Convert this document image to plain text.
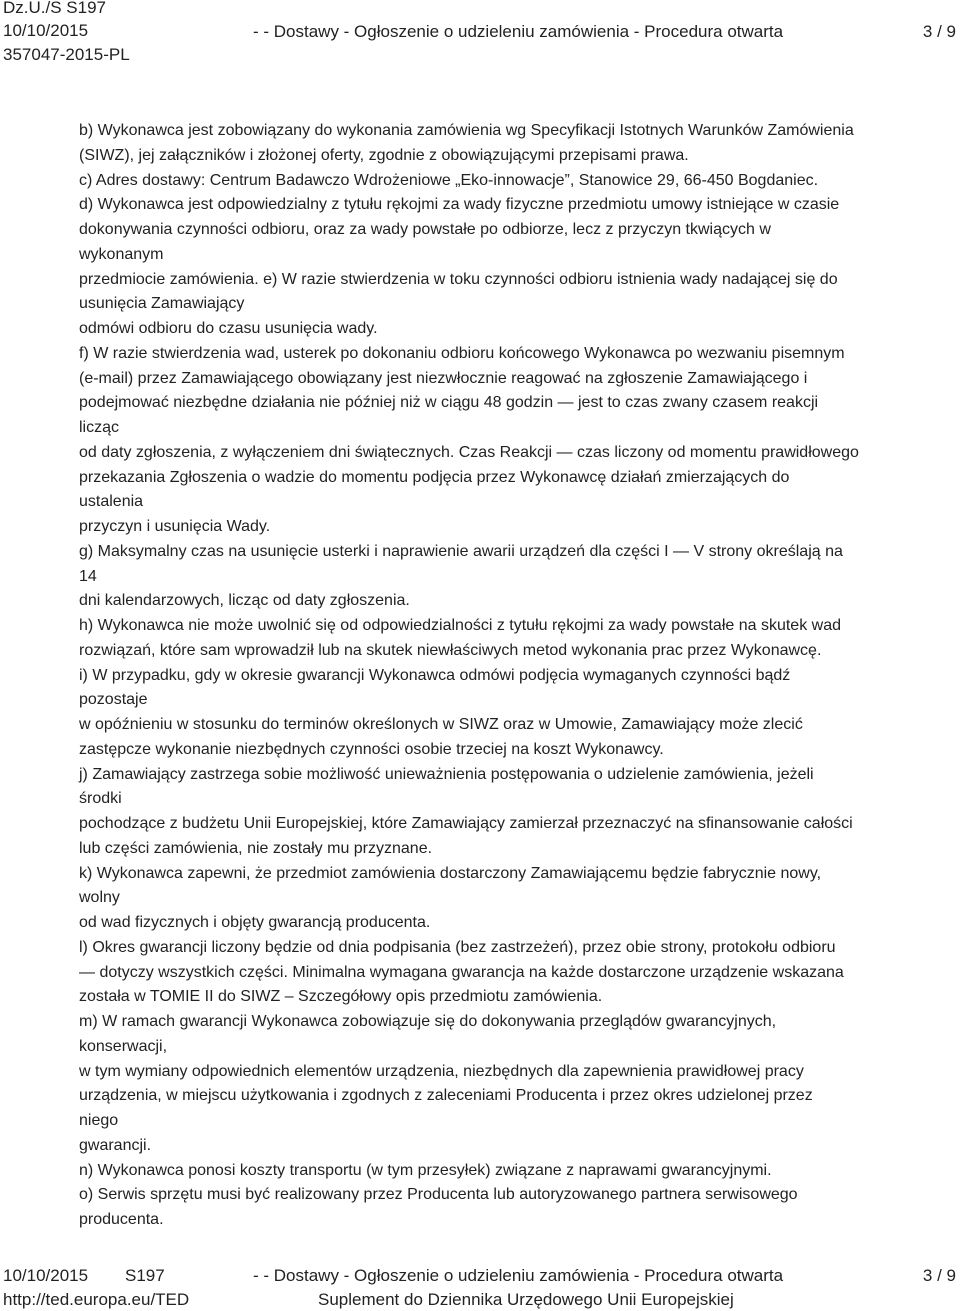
Dz.U./S S197
10/10/2015
357047-2015-PL
- - Dostawy - Ogłoszenie o udzieleniu zamówienia - Procedura otwarta	3 / 9
b) Wykonawca jest zobowiązany do wykonania zamówienia wg Specyfikacji Istotnych Warunków Zamówienia
(SIWZ), jej załączników i złożonej oferty, zgodnie z obowiązującymi przepisami prawa.
c) Adres dostawy: Centrum Badawczo Wdrożeniowe „Eko-innowacje”, Stanowice 29, 66-450 Bogdaniec.
d) Wykonawca jest odpowiedzialny z tytułu rękojmi za wady fizyczne przedmiotu umowy istniejące w czasie
dokonywania czynności odbioru, oraz za wady powstałe po odbiorze, lecz z przyczyn tkwiących w
wykonanym
przedmiocie zamówienia. e) W razie stwierdzenia w toku czynności odbioru istnienia wady nadającej się do
usunięcia Zamawiający
odmówi odbioru do czasu usunięcia wady.
f) W razie stwierdzenia wad, usterek po dokonaniu odbioru końcowego Wykonawca po wezwaniu pisemnym
(e-mail) przez Zamawiającego obowiązany jest niezwłocznie reagować na zgłoszenie Zamawiającego i
podejmować niezbędne działania nie później niż w ciągu 48 godzin — jest to czas zwany czasem reakcji
licząc
od daty zgłoszenia, z wyłączeniem dni świątecznych. Czas Reakcji — czas liczony od momentu prawidłowego
przekazania Zgłoszenia o wadzie do momentu podjęcia przez Wykonawcę działań zmierzających do
ustalenia
przyczyn i usunięcia Wady.
g) Maksymalny czas na usunięcie usterki i naprawienie awarii urządzeń dla części I — V strony określają na
14
dni kalendarzowych, licząc od daty zgłoszenia.
h) Wykonawca nie może uwolnić się od odpowiedzialności z tytułu rękojmi za wady powstałe na skutek wad
rozwiązań, które sam wprowadził lub na skutek niewłaściwych metod wykonania prac przez Wykonawcę.
i) W przypadku, gdy w okresie gwarancji Wykonawca odmówi podjęcia wymaganych czynności bądź
pozostaje
w opóźnieniu w stosunku do terminów określonych w SIWZ oraz w Umowie, Zamawiający może zlecić
zastępcze wykonanie niezbędnych czynności osobie trzeciej na koszt Wykonawcy.
j) Zamawiający zastrzega sobie możliwość unieważnienia postępowania o udzielenie zamówienia, jeżeli
środki
pochodzące z budżetu Unii Europejskiej, które Zamawiający zamierzał przeznaczyć na sfinansowanie całości
lub części zamówienia, nie zostały mu przyznane.
k) Wykonawca zapewni, że przedmiot zamówienia dostarczony Zamawiającemu będzie fabrycznie nowy,
wolny
od wad fizycznych i objęty gwarancją producenta.
l) Okres gwarancji liczony będzie od dnia podpisania (bez zastrzeżeń), przez obie strony, protokołu odbioru
— dotyczy wszystkich części. Minimalna wymagana gwarancja na każde dostarczone urządzenie wskazana
została w TOMIE II do SIWZ – Szczegółowy opis przedmiotu zamówienia.
m) W ramach gwarancji Wykonawca zobowiązuje się do dokonywania przeglądów gwarancyjnych,
konserwacji,
w tym wymiany odpowiednich elementów urządzenia, niezbędnych dla zapewnienia prawidłowej pracy
urządzenia, w miejscu użytkowania i zgodnych z zaleceniami Producenta i przez okres udzielonej przez
niego
gwarancji.
n) Wykonawca ponosi koszty transportu (w tym przesyłek) związane z naprawami gwarancyjnymi.
o) Serwis sprzętu musi być realizowany przez Producenta lub autoryzowanego partnera serwisowego
producenta.
10/10/2015 S197	- - Dostawy - Ogłoszenie o udzieleniu zamówienia - Procedura otwarta	3 / 9
http://ted.europa.eu/TED	Suplement do Dziennika Urzędowego Unii Europejskiej
